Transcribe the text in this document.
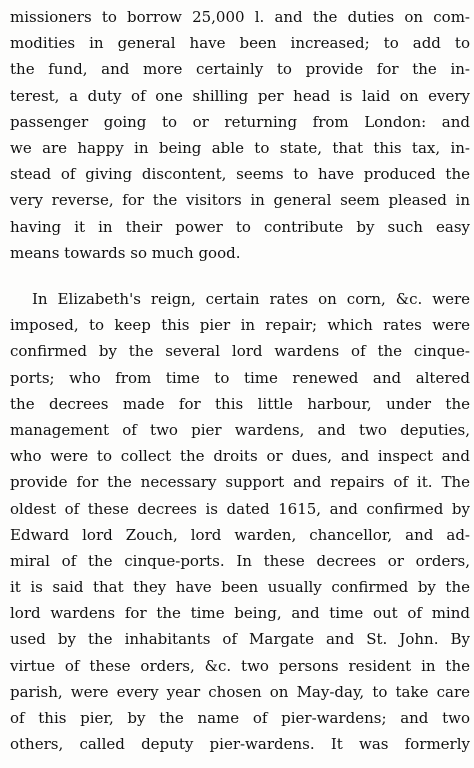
missioners to borrow 25,000 l. and the duties on com-
modities in general have been increased; to add to
the fund, and more certainly to provide for the in-
terest, a duty of one shilling per head is laid on every
passenger going to or returning from London: and
we are happy in being able to state, that this tax, in-
stead of giving discontent, seems to have produced the
very reverse, for the visitors in general seem pleased in
having it in their power to contribute by such easy
means towards so much good.
In Elizabeth's reign, certain rates on corn, &c. were
imposed, to keep this pier in repair; which rates were
confirmed by the several lord wardens of the cinque-
ports; who from time to time renewed and altered
the decrees made for this little harbour, under the
management of two pier wardens, and two deputies,
who were to collect the droits or dues, and inspect and
provide for the necessary support and repairs of it. The
oldest of these decrees is dated 1615, and confirmed by
Edward lord Zouch, lord warden, chancellor, and ad-
miral of the cinque-ports. In these decrees or orders,
it is said that they have been usually confirmed by the
lord wardens for the time being, and time out of mind
used by the inhabitants of Margate and St. John. By
virtue of these orders, &c. two persons resident in the
parish, were every year chosen on May-day, to take care
of this pier, by the name of pier-wardens; and two
others, called deputy pier-wardens. It was formerly
